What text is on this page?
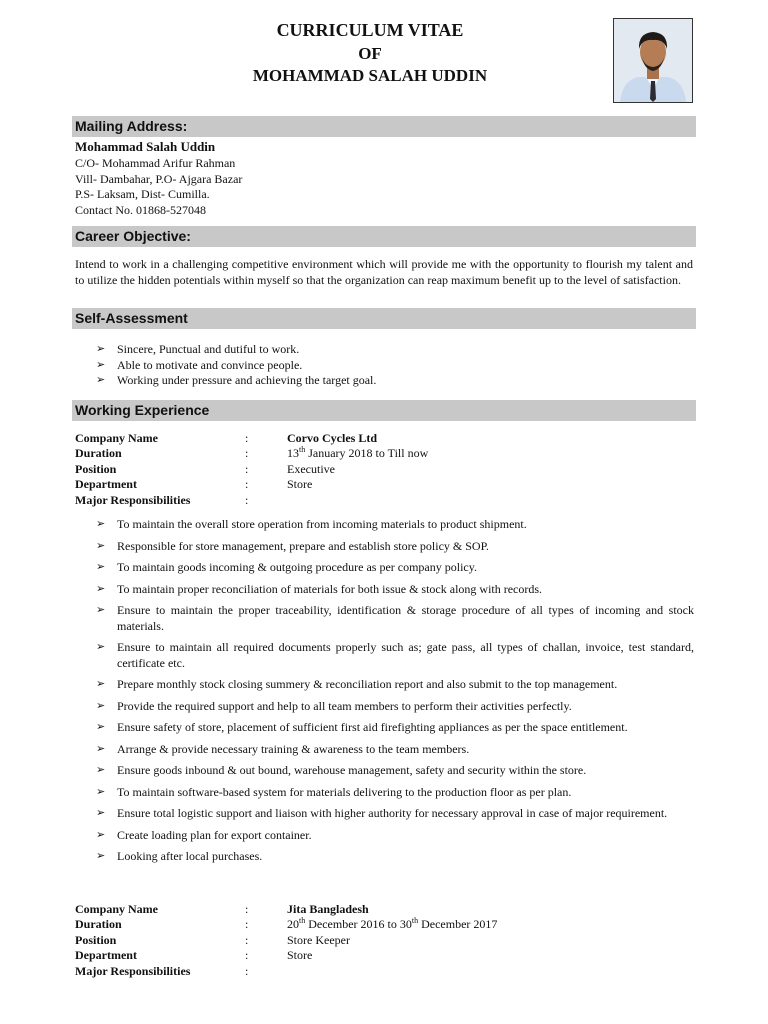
CURRICULUM VITAE
OF
MOHAMMAD SALAH UDDIN
Mailing Address:
Mohammad Salah Uddin
C/O- Mohammad Arifur Rahman
Vill- Dambahar, P.O- Ajgara Bazar
P.S- Laksam, Dist- Cumilla.
Contact No. 01868-527048
Career Objective:
Intend to work in a challenging competitive environment which will provide me with the opportunity to flourish my talent and to utilize the hidden potentials within myself so that the organization can reap maximum benefit up to the level of satisfaction.
Self-Assessment
➢ Sincere, Punctual and dutiful to work.
➢ Able to motivate and convince people.
➢ Working under pressure and achieving the target goal.
Working Experience
Company Name	:	Corvo Cycles Ltd
Duration	:	13th January 2018 to Till now
Position	:	Executive
Department	:	Store
Major Responsibilities	:
➢ To maintain the overall store operation from incoming materials to product shipment.
➢ Responsible for store management, prepare and establish store policy & SOP.
➢ To maintain goods incoming & outgoing procedure as per company policy.
➢ To maintain proper reconciliation of materials for both issue & stock along with records.
➢ Ensure to maintain the proper traceability, identification & storage procedure of all types of incoming and stock materials.
➢ Ensure to maintain all required documents properly such as; gate pass, all types of challan, invoice, test standard, certificate etc.
➢ Prepare monthly stock closing summery & reconciliation report and also submit to the top management.
➢ Provide the required support and help to all team members to perform their activities perfectly.
➢ Ensure safety of store, placement of sufficient first aid firefighting appliances as per the space entitlement.
➢ Arrange & provide necessary training & awareness to the team members.
➢ Ensure goods inbound & out bound, warehouse management, safety and security within the store.
➢ To maintain software-based system for materials delivering to the production floor as per plan.
➢ Ensure total logistic support and liaison with higher authority for necessary approval in case of major requirement.
➢ Create loading plan for export container.
➢ Looking after local purchases.
Company Name	:	Jita Bangladesh
Duration	:	20th December 2016 to 30th December 2017
Position	:	Store Keeper
Department	:	Store
Major Responsibilities	:
